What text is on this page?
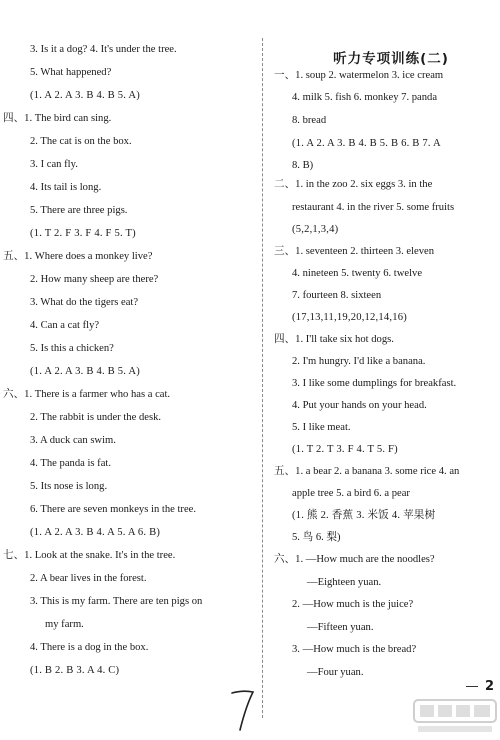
3. Is it a dog? 4. It's under the tree.
5. What happened?
(1. A 2. A 3. B 4. B 5. A)
四、1. The bird can sing.
2. The cat is on the box.
3. I can fly.
4. Its tail is long.
5. There are three pigs.
(1. T 2. F 3. F 4. F 5. T)
五、1. Where does a monkey live?
2. How many sheep are there?
3. What do the tigers eat?
4. Can a cat fly?
5. Is this a chicken?
(1. A 2. A 3. B 4. B 5. A)
六、1. There is a farmer who has a cat.
2. The rabbit is under the desk.
3. A duck can swim.
4. The panda is fat.
5. Its nose is long.
6. There are seven monkeys in the tree.
(1. A 2. A 3. B 4. A 5. A 6. B)
七、1. Look at the snake. It's in the tree.
2. A bear lives in the forest.
3. This is my farm. There are ten pigs on
my farm.
4. There is a dog in the box.
(1. B 2. B 3. A 4. C)
听力专项训练(二)
一、1. soup 2. watermelon 3. ice cream
4. milk 5. fish 6. monkey 7. panda
8. bread
(1. A 2. A 3. B 4. B 5. B 6. B 7. A
8. B)
二、1. in the zoo 2. six eggs 3. in the
restaurant 4. in the river 5. some fruits
(5,2,1,3,4)
三、1. seventeen 2. thirteen 3. eleven
4. nineteen 5. twenty 6. twelve
7. fourteen 8. sixteen
(17,13,11,19,20,12,14,16)
四、1. I'll take six hot dogs.
2. I'm hungry. I'd like a banana.
3. I like some dumplings for breakfast.
4. Put your hands on your head.
5. I like meat.
(1. T 2. T 3. F 4. T 5. F)
五、1. a bear 2. a banana 3. some rice 4. an
apple tree 5. a bird 6. a pear
(1. 熊 2. 香蕉 3. 米饭 4. 苹果树
5. 鸟 6. 梨)
六、1. —How much are the noodles?
—Eighteen yuan.
2. —How much is the juice?
—Fifteen yuan.
3. —How much is the bread?
—Four yuan.
2
